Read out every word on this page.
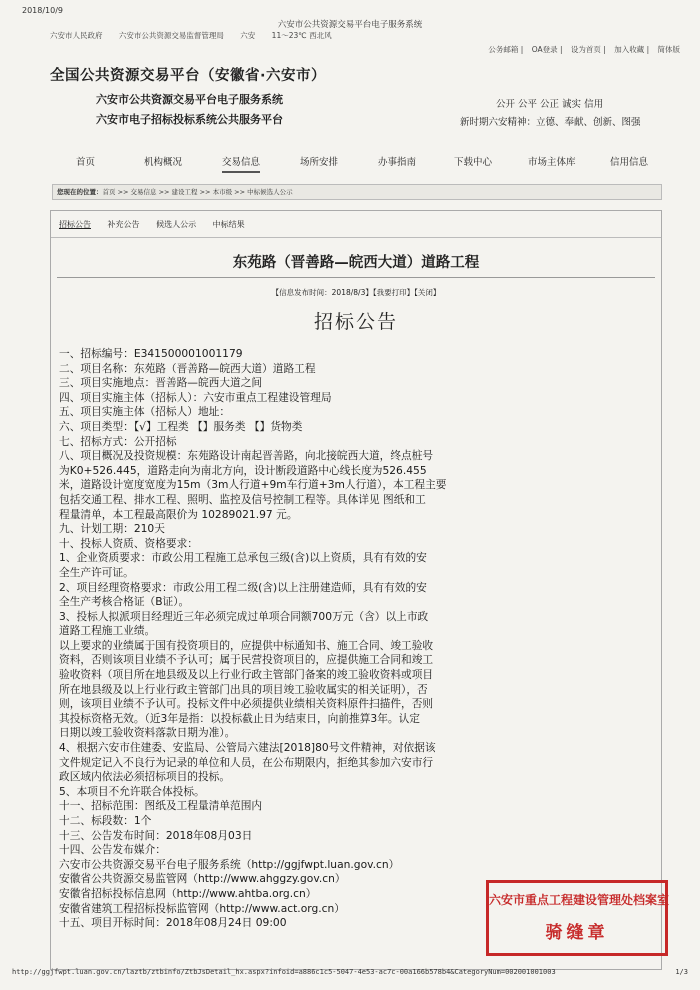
2018/10/9
六安市公共资源交易平台电子服务系统
六安市人民政府 六安市公共资源交易监督管理局 六安 11～23℃ 西北风
公务邮箱 | OA登录 | 设为首页 | 加入收藏 | 简体版
全国公共资源交易平台（安徽省·六安市）
六安市公共资源交易平台电子服务系统
六安市电子招标投标系统公共服务平台
公开 公平 公正 诚实 信用
新时期六安精神：立德、奉献、创新、图强
首页	机构概况	交易信息	场所安排	办事指南	下载中心	市场主体库	信用信息
您现在的位置：首页 >> 交易信息 >> 建设工程 >> 本市级 >> 中标候选人公示
招标公告 补充公告 候选人公示 中标结果
东苑路（晋善路—皖西大道）道路工程
【信息发布时间：2018/8/3】【我要打印】【关闭】
招标公告
一、招标编号：E341500001001179
二、项目名称：东苑路（晋善路—皖西大道）道路工程
三、项目实施地点：晋善路—皖西大道之间
四、项目实施主体（招标人）：六安市重点工程建设管理局
五、项目实施主体（招标人）地址：
六、项目类型：【√】工程类 【】服务类 【】货物类
七、招标方式：公开招标
八、项目概况及投资规模：东苑路设计南起晋善路，向北接皖西大道，终点桩号
为K0+526.445，道路走向为南北方向，设计断段道路中心线长度为526.455
米，道路设计宽度宽度为15m（3m人行道+9m车行道+3m人行道），本工程主要
包括交通工程、排水工程、照明、监控及信号控制工程等。具体详见 图纸和工
程量清单，本工程最高限价为 10289021.97 元。
九、计划工期：210天
十、投标人资质、资格要求：
1、企业资质要求：市政公用工程施工总承包三级(含)以上资质，具有有效的安
全生产许可证。
2、项目经理资格要求：市政公用工程二级(含)以上注册建造师，具有有效的安
全生产考核合格证（B证）。
3、投标人拟派项目经理近三年必须完成过单项合同额700万元（含）以上市政
道路工程施工业绩。
以上要求的业绩属于国有投资项目的，应提供中标通知书、施工合同、竣工验收
资料，否则该项目业绩不予认可；属于民营投资项目的，应提供施工合同和竣工
验收资料（项目所在地县级及以上行业行政主管部门备案的竣工验收资料或项目
所在地县级及以上行业行政主管部门出具的项目竣工验收属实的相关证明），否
则，该项目业绩不予认可。投标文件中必须提供业绩相关资料原件扫描件，否则
其投标资格无效。（近3年是指：以投标截止日为结束日，向前推算3年。认定
日期以竣工验收资料落款日期为准）。
4、根据六安市住建委、安监局、公管局六建法[2018]80号文件精神，对依据该
文件规定记入不良行为记录的单位和人员，在公布期限内，拒绝其参加六安市行
政区域内依法必须招标项目的投标。
5、本项目不允许联合体投标。
十一、招标范围：图纸及工程量清单范围内
十二、标段数：1个
十三、公告发布时间：2018年08月03日
十四、公告发布媒介：
六安市公共资源交易平台电子服务系统（http://ggjfwpt.luan.gov.cn）
安徽省公共资源交易监管网（http://www.ahggzy.gov.cn）
安徽省招标投标信息网（http://www.ahtba.org.cn）
安徽省建筑工程招标投标监管网（http://www.act.org.cn）
十五、项目开标时间：2018年08月24日 09:00
六安市重点工程建设管理处档案室
骑缝章
http://ggjfwpt.luan.gov.cn/laztb/ztbinfo/ZtbJsDetail_hx.aspx?infoid=a886c1c5-5047-4e53-ac7c-00a166b578b4&CategoryNum=002001001003	1/3
